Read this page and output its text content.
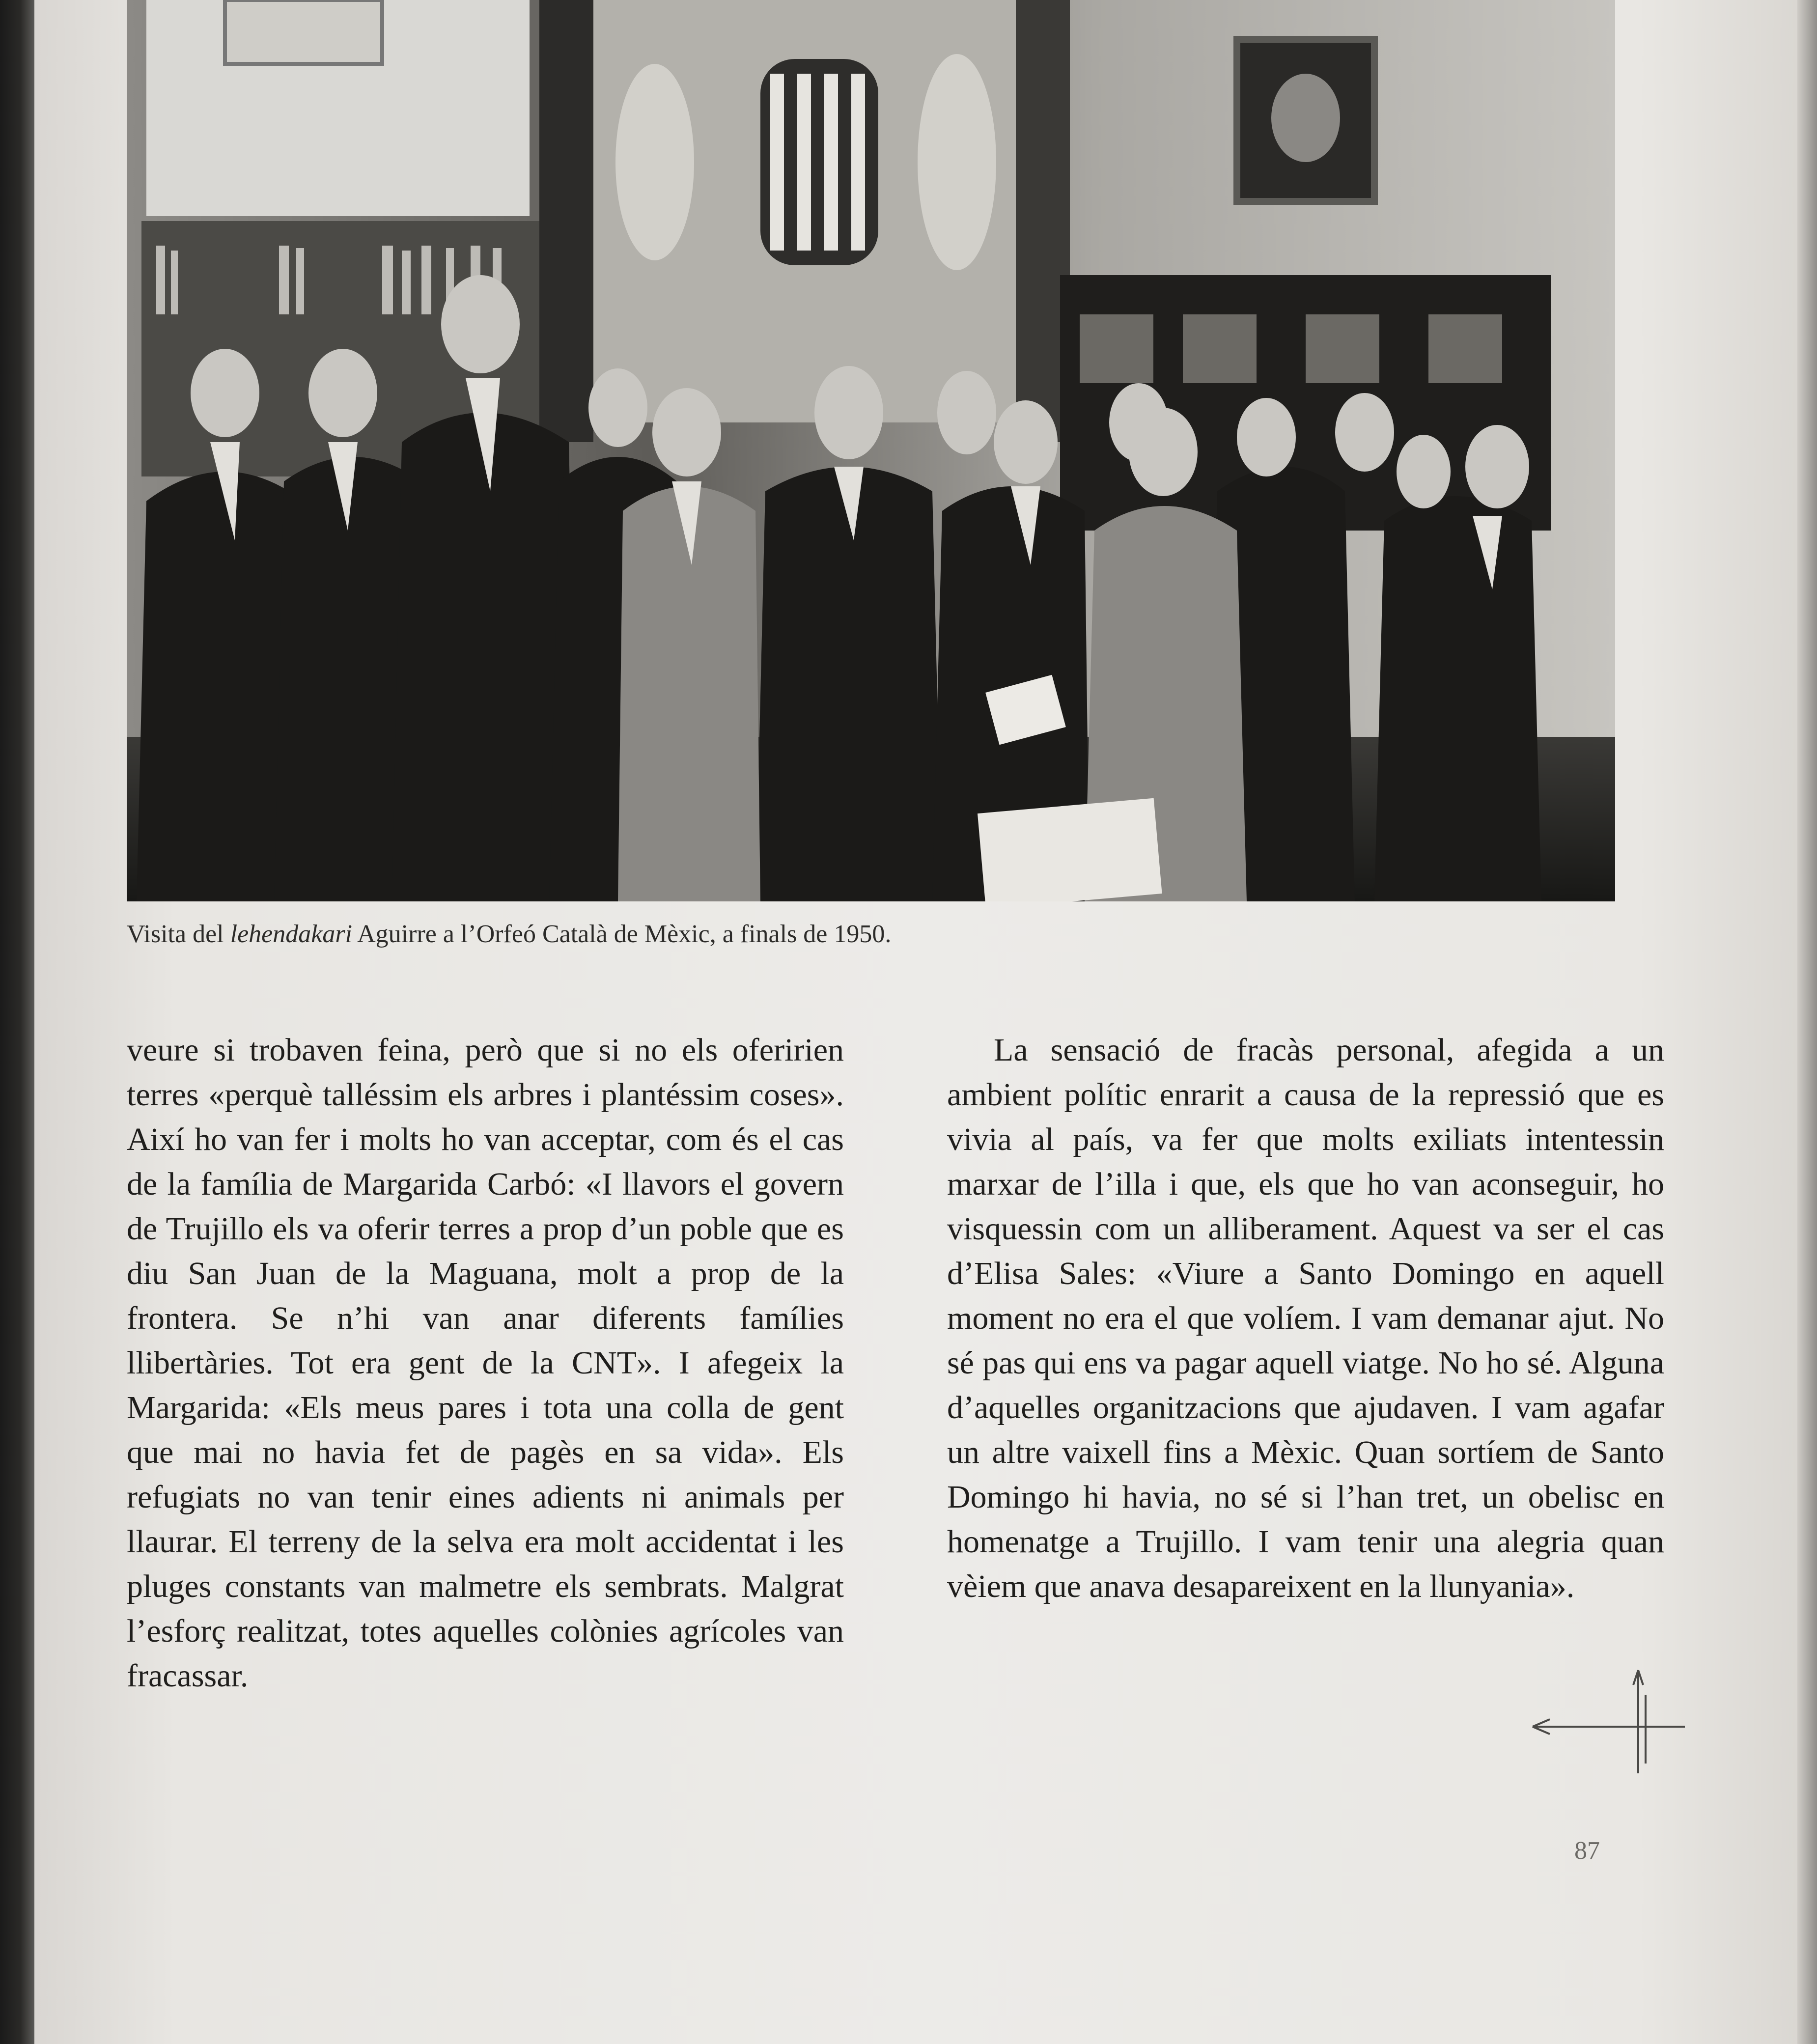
Visita del lehendakari Aguirre a l’Orfeó Català de Mèxic, a finals de 1950.
veure si trobaven feina, però que si no els oferirien terres «perquè talléssim els arbres i plantéssim coses». Així ho van fer i molts ho van acceptar, com és el cas de la família de Margarida Carbó: «I llavors el govern de Trujillo els va oferir terres a prop d’un poble que es diu San Juan de la Maguana, molt a prop de la frontera. Se n’hi van anar diferents famílies llibertàries. Tot era gent de la CNT». I afegeix la Margarida: «Els meus pares i tota una colla de gent que mai no havia fet de pagès en sa vida». Els refugiats no van tenir eines adients ni animals per llaurar. El terreny de la selva era molt accidentat i les pluges constants van malmetre els sembrats. Malgrat l’esforç realitzat, totes aquelles colònies agrícoles van fracassar.
La sensació de fracàs personal, afegida a un ambient polític enrarit a causa de la repressió que es vivia al país, va fer que molts exiliats intentessin marxar de l’illa i que, els que ho van aconseguir, ho visquessin com un alliberament. Aquest va ser el cas d’Elisa Sales: «Viure a Santo Domingo en aquell moment no era el que volíem. I vam demanar ajut. No sé pas qui ens va pagar aquell viatge. No ho sé. Alguna d’aquelles organitzacions que ajudaven. I vam agafar un altre vaixell fins a Mèxic. Quan sortíem de Santo Domingo hi havia, no sé si l’han tret, un obelisc en homenatge a Trujillo. I vam tenir una alegria quan vèiem que anava desapareixent en la llunyania».
87
